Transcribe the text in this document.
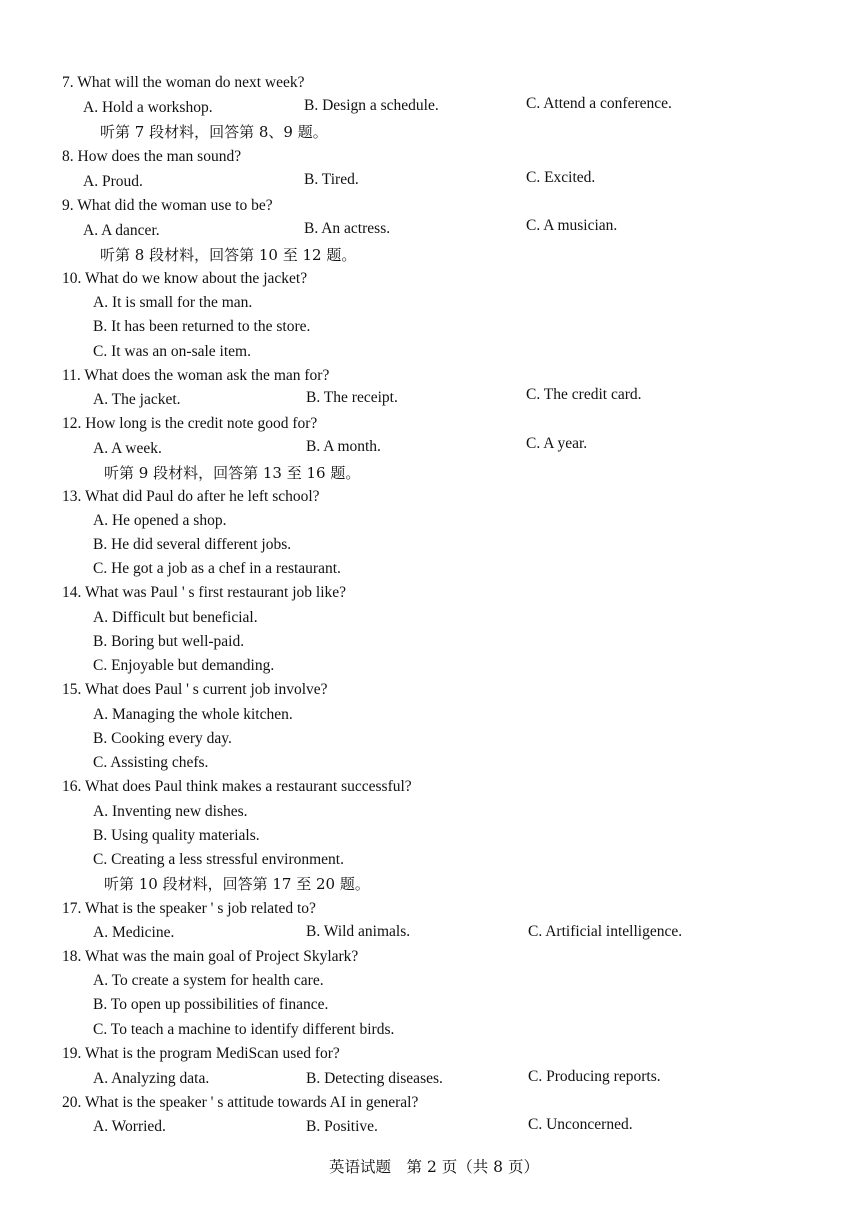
7. What will the woman do next week?
A. Hold a workshop.	B. Design a schedule.	C. Attend a conference.
听第 7 段材料，回答第 8、9 题。
8. How does the man sound?
A. Proud.	B. Tired.	C. Excited.
9. What did the woman use to be?
A. A dancer.	B. An actress.	C. A musician.
听第 8 段材料，回答第 10 至 12 题。
10. What do we know about the jacket?
A. It is small for the man.
B. It has been returned to the store.
C. It was an on-sale item.
11. What does the woman ask the man for?
A. The jacket.	B. The receipt.	C. The credit card.
12. How long is the credit note good for?
A. A week.	B. A month.	C. A year.
听第 9 段材料，回答第 13 至 16 题。
13. What did Paul do after he left school?
A. He opened a shop.
B. He did several different jobs.
C. He got a job as a chef in a restaurant.
14. What was Paul ' s first restaurant job like?
A. Difficult but beneficial.
B. Boring but well-paid.
C. Enjoyable but demanding.
15. What does Paul ' s current job involve?
A. Managing the whole kitchen.
B. Cooking every day.
C. Assisting chefs.
16. What does Paul think makes a restaurant successful?
A. Inventing new dishes.
B. Using quality materials.
C. Creating a less stressful environment.
听第 10 段材料，回答第 17 至 20 题。
17. What is the speaker ' s job related to?
A. Medicine.	B. Wild animals.	C. Artificial intelligence.
18. What was the main goal of Project Skylark?
A. To create a system for health care.
B. To open up possibilities of finance.
C. To teach a machine to identify different birds.
19. What is the program MediScan used for?
A. Analyzing data.	B. Detecting diseases.	C. Producing reports.
20. What is the speaker ' s attitude towards AI in general?
A. Worried.	B. Positive.	C. Unconcerned.
英语试题　第 2 页（共 8 页）
